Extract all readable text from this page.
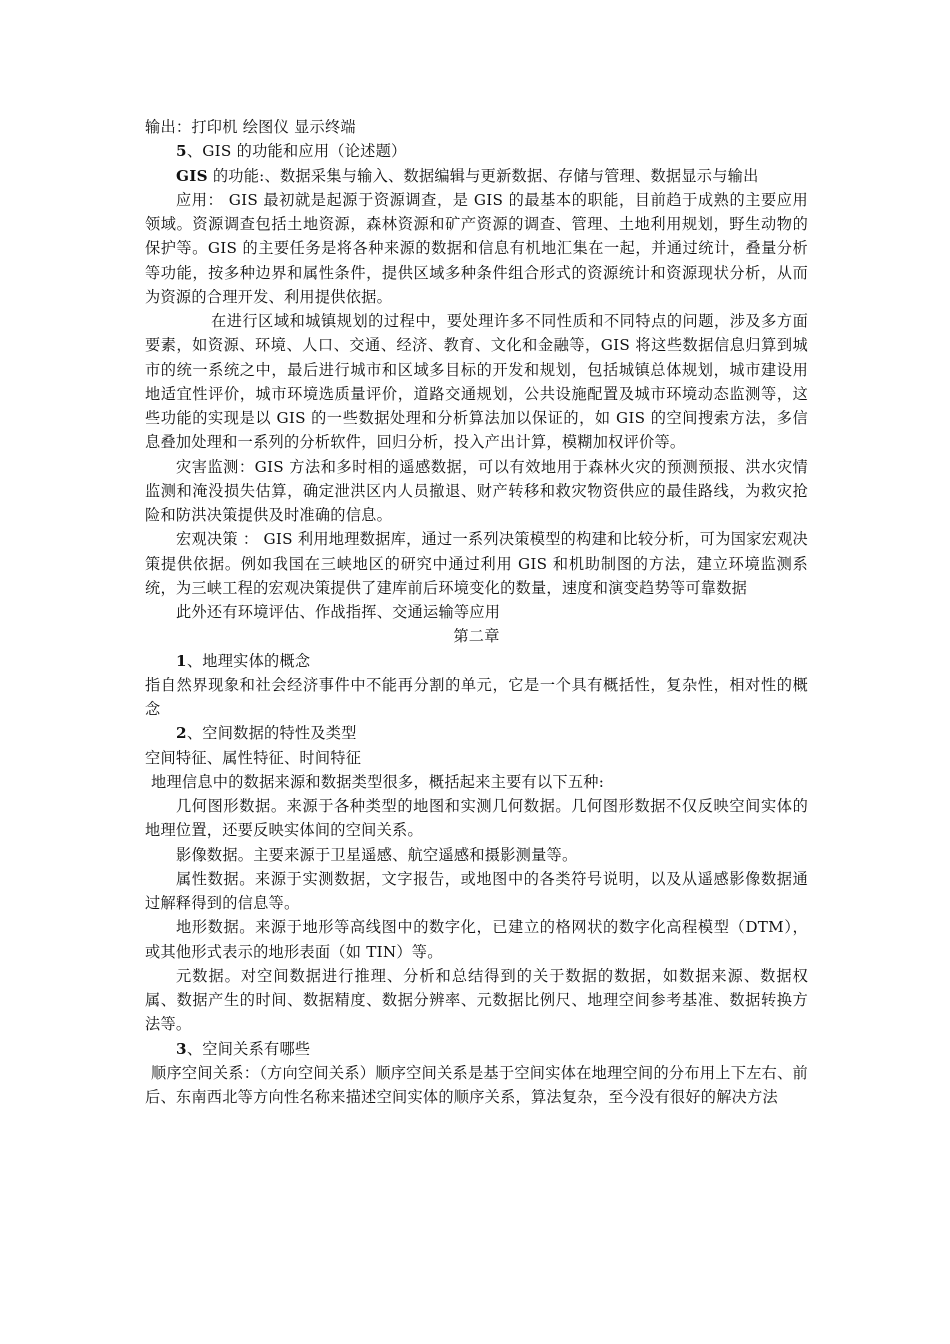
输出：打印机 绘图仪 显示终端

5、GIS 的功能和应用（论述题）

GIS 的功能:、数据采集与输入、数据编辑与更新数据、存储与管理、数据显示与输出

应用： GIS 最初就是起源于资源调查，是 GIS 的最基本的职能，目前趋于成熟的主要应用领域。资源调查包括土地资源，森林资源和矿产资源的调查、管理、土地利用规划，野生动物的保护等。GIS 的主要任务是将各种来源的数据和信息有机地汇集在一起，并通过统计，叠量分析等功能，按多种边界和属性条件，提供区域多种条件组合形式的资源统计和资源现状分析，从而为资源的合理开发、利用提供依据。

在进行区域和城镇规划的过程中，要处理许多不同性质和不同特点的问题，涉及多方面要素，如资源、环境、人口、交通、经济、教育、文化和金融等，GIS 将这些数据信息归算到城市的统一系统之中，最后进行城市和区域多目标的开发和规划，包括城镇总体规划，城市建设用地适宜性评价，城市环境选质量评价，道路交通规划，公共设施配置及城市环境动态监测等，这些功能的实现是以 GIS 的一些数据处理和分析算法加以保证的，如 GIS 的空间搜索方法，多信息叠加处理和一系列的分析软件，回归分析，投入产出计算，模糊加权评价等。

灾害监测：GIS 方法和多时相的遥感数据，可以有效地用于森林火灾的预测预报、洪水灾情监测和淹没损失估算，确定泄洪区内人员撤退、财产转移和救灾物资供应的最佳路线，为救灾抢险和防洪决策提供及时准确的信息。

宏观决策 ： GIS 利用地理数据库，通过一系列决策模型的构建和比较分析，可为国家宏观决策提供依据。例如我国在三峡地区的研究中通过利用 GIS 和机助制图的方法，建立环境监测系统，为三峡工程的宏观决策提供了建库前后环境变化的数量，速度和演变趋势等可靠数据

此外还有环境评估、作战指挥、交通运输等应用

第二章

1、地理实体的概念

指自然界现象和社会经济事件中不能再分割的单元，它是一个具有概括性，复杂性，相对性的概念

2、空间数据的特性及类型

空间特征、属性特征、时间特征

地理信息中的数据来源和数据类型很多，概括起来主要有以下五种:

几何图形数据。来源于各种类型的地图和实测几何数据。几何图形数据不仅反映空间实体的地理位置，还要反映实体间的空间关系。

影像数据。主要来源于卫星遥感、航空遥感和摄影测量等。

属性数据。来源于实测数据，文字报告，或地图中的各类符号说明，以及从遥感影像数据通过解释得到的信息等。

地形数据。来源于地形等高线图中的数字化，已建立的格网状的数字化高程模型（DTM），或其他形式表示的地形表面（如 TIN）等。

元数据。对空间数据进行推理、分析和总结得到的关于数据的数据，如数据来源、数据权属、数据产生的时间、数据精度、数据分辨率、元数据比例尺、地理空间参考基准、数据转换方法等。

3、空间关系有哪些

顺序空间关系：（方向空间关系）顺序空间关系是基于空间实体在地理空间的分布用上下左右、前后、东南西北等方向性名称来描述空间实体的顺序关系，算法复杂，至今没有很好的解决方法
